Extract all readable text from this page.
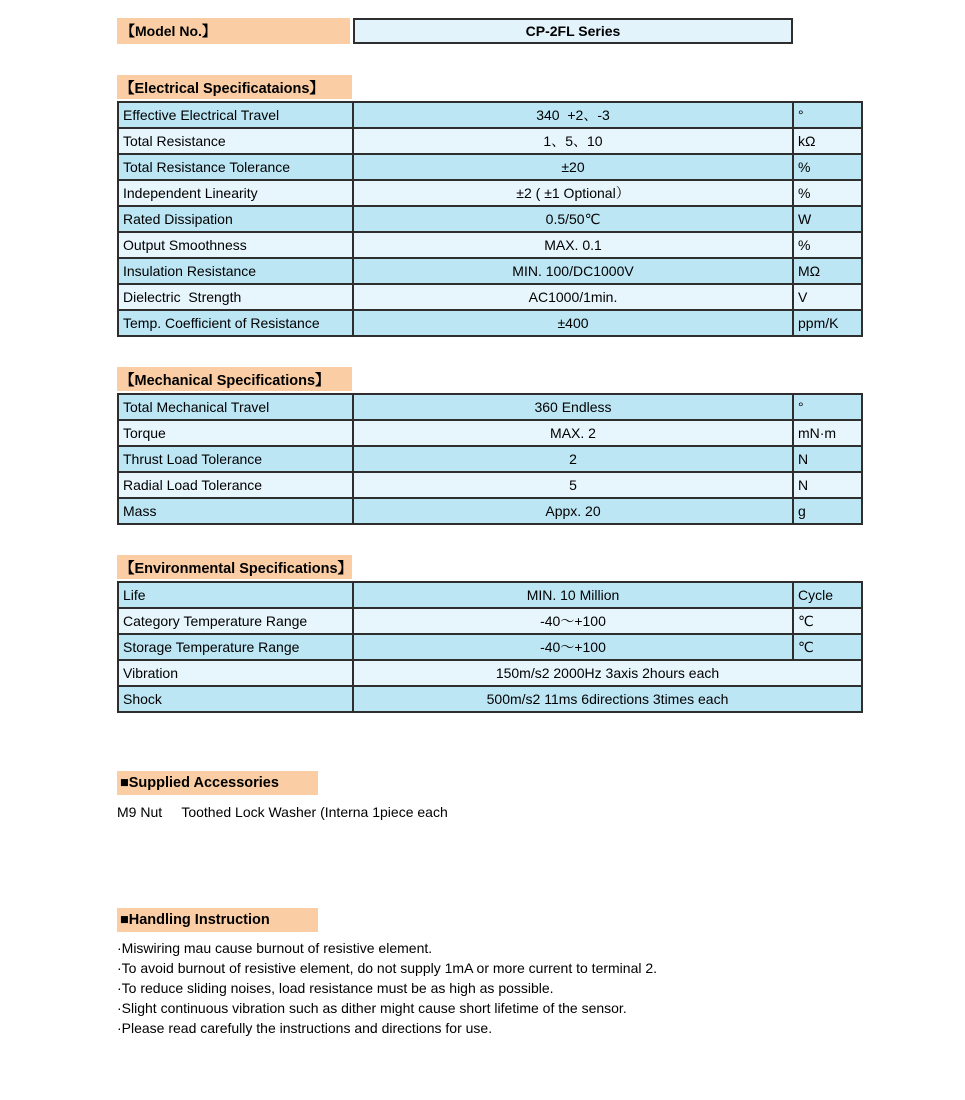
【Model No.】	CP-2FL Series
【Electrical Specificataions】
Effective Electrical Travel	340  +2、-3	°
Total Resistance	1、5、10	kΩ
Total Resistance Tolerance	±20	%
Independent Linearity	±2 ( ±1 Optional）	%
Rated Dissipation	0.5/50℃	W
Output Smoothness	MAX. 0.1	%
Insulation Resistance	MIN. 100/DC1000V	MΩ
Dielectric  Strength	AC1000/1min.	V
Temp. Coefficient of Resistance	±400	ppm/K
【Mechanical Specifications】
Total Mechanical Travel	360 Endless	°
Torque	MAX. 2	mN·m
Thrust Load Tolerance	2	N
Radial Load Tolerance	5	N
Mass	Appx. 20	g
【Environmental Specifications】
Life	MIN. 10 Million	Cycle
Category Temperature Range	-40～+100	℃
Storage Temperature Range	-40～+100	℃
Vibration	150m/s2 2000Hz 3axis 2hours each	
Shock	500m/s2 11ms 6directions 3times each	
■Supplied Accessories
M9 Nut     Toothed Lock Washer (Interna 1piece each
■Handling Instruction
·Miswiring mau cause burnout of resistive element.
·To avoid burnout of resistive element, do not supply 1mA or more current to terminal 2.
·To reduce sliding noises, load resistance must be as high as possible.
·Slight continuous vibration such as dither might cause short lifetime of the sensor.
·Please read carefully the instructions and directions for use.
